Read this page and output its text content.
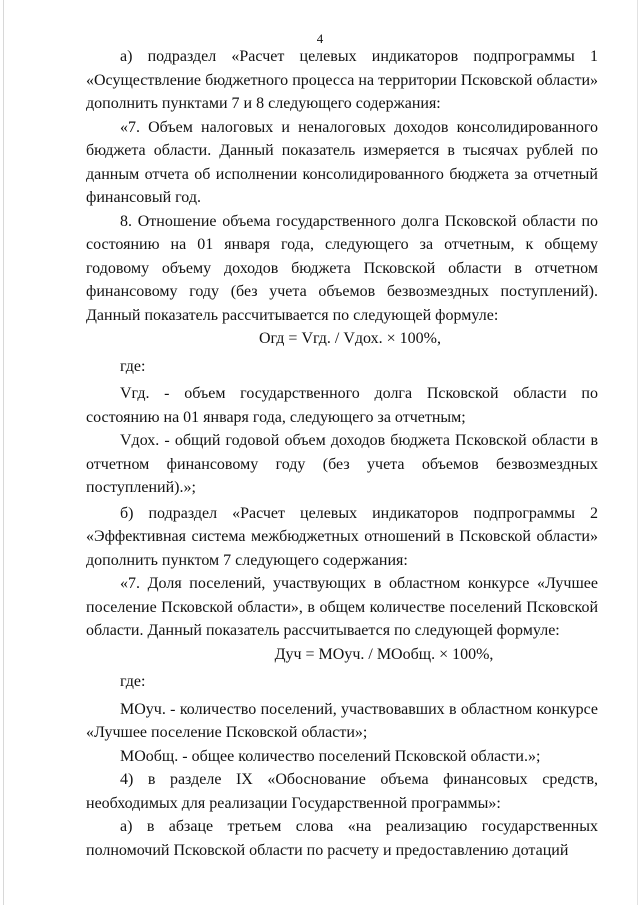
4

а) подраздел «Расчет целевых индикаторов подпрограммы 1 «Осуществление бюджетного процесса на территории Псковской области» дополнить пунктами 7 и 8 следующего содержания:

«7. Объем налоговых и неналоговых доходов консолидированного бюджета области. Данный показатель измеряется в тысячах рублей по данным отчета об исполнении консолидированного бюджета за отчетный финансовый год.

8. Отношение объема государственного долга Псковской области по состоянию на 01 января года, следующего за отчетным, к общему годовому объему доходов бюджета Псковской области в отчетном финансовому году (без учета объемов безвозмездных поступлений). Данный показатель рассчитывается по следующей формуле:

Огд = Vгд. / Vдох. × 100%,

где:

Vгд. - объем государственного долга Псковской области по состоянию на 01 января года, следующего за отчетным;

Vдох. - общий годовой объем доходов бюджета Псковской области в отчетном финансовому году (без учета объемов безвозмездных поступлений).»;

б) подраздел «Расчет целевых индикаторов подпрограммы 2 «Эффективная система межбюджетных отношений в Псковской области» дополнить пунктом 7 следующего содержания:

«7. Доля поселений, участвующих в областном конкурсе «Лучшее поселение Псковской области», в общем количестве поселений Псковской области. Данный показатель рассчитывается по следующей формуле:

Дуч = МОуч. / МОобщ. × 100%,

где:

МОуч. - количество поселений, участвовавших в областном конкурсе «Лучшее поселение Псковской области»;

МОобщ. - общее количество поселений Псковской области.»;

4) в разделе IX «Обоснование объема финансовых средств, необходимых для реализации Государственной программы»:

а) в абзаце третьем слова «на реализацию государственных полномочий Псковской области по расчету и предоставлению дотаций
